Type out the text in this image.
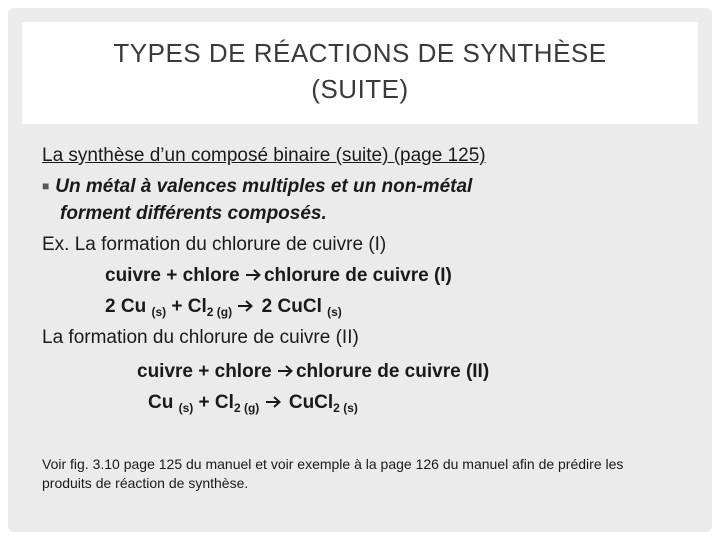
TYPES DE RÉACTIONS DE SYNTHÈSE
(SUITE)
La synthèse d’un composé binaire (suite) (page 125)
■ Un métal à valences multiples et un non-métal
forment différents composés.
Ex. La formation du chlorure de cuivre (I)
cuivre + chlore chlorure de cuivre (I)
2 Cu $_{(s)} + Cl_2$ $_{(g)}$  2 CuCl $_{(s)}$
La formation du chlorure de cuivre (II)
cuivre + chlore chlorure de cuivre (II)
Cu $_{(s)} + Cl_2$ $_{(g)}$  CuCl$_2$ $_{(s)}$
Voir fig. 3.10 page 125 du manuel et voir exemple à la page 126 du manuel afin de prédire les produits de réaction de synthèse.
